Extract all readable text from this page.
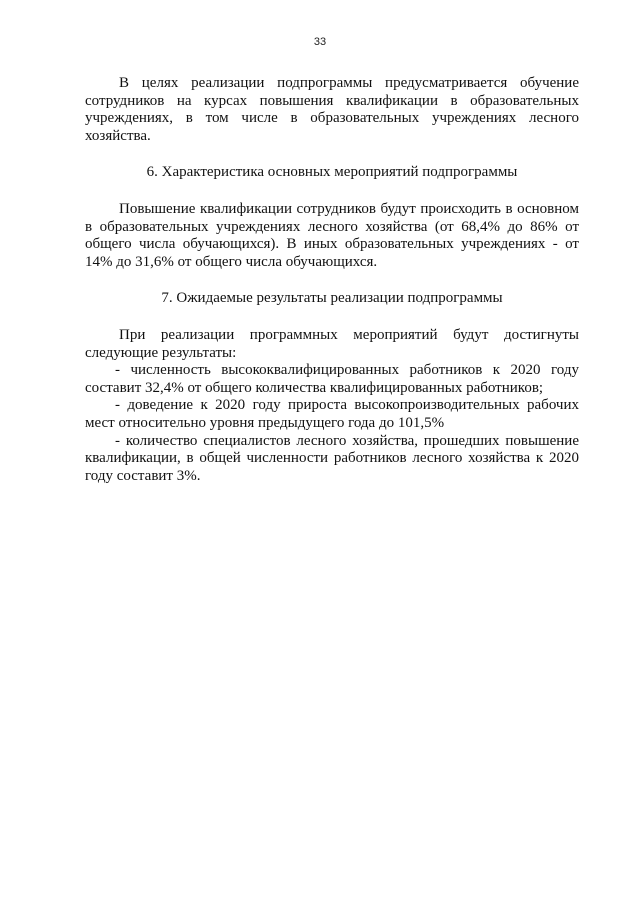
33

В целях реализации подпрограммы предусматривается обучение сотрудников на курсах повышения квалификации в образовательных учреждениях, в том числе в образовательных учреждениях лесного хозяйства.

6. Характеристика основных мероприятий подпрограммы

Повышение квалификации сотрудников будут происходить в основном в образовательных учреждениях лесного хозяйства (от 68,4% до 86% от общего числа обучающихся). В иных образовательных учреждениях - от 14% до 31,6% от общего числа обучающихся.

7. Ожидаемые результаты реализации подпрограммы

При реализации программных мероприятий будут достигнуты следующие результаты:

- численность высококвалифицированных работников к 2020 году составит 32,4% от общего количества квалифицированных работников;

- доведение к 2020 году прироста высокопроизводительных рабочих мест относительно уровня предыдущего года до 101,5%

- количество специалистов лесного хозяйства, прошедших повышение квалификации, в общей численности работников лесного хозяйства к 2020 году составит 3%.
